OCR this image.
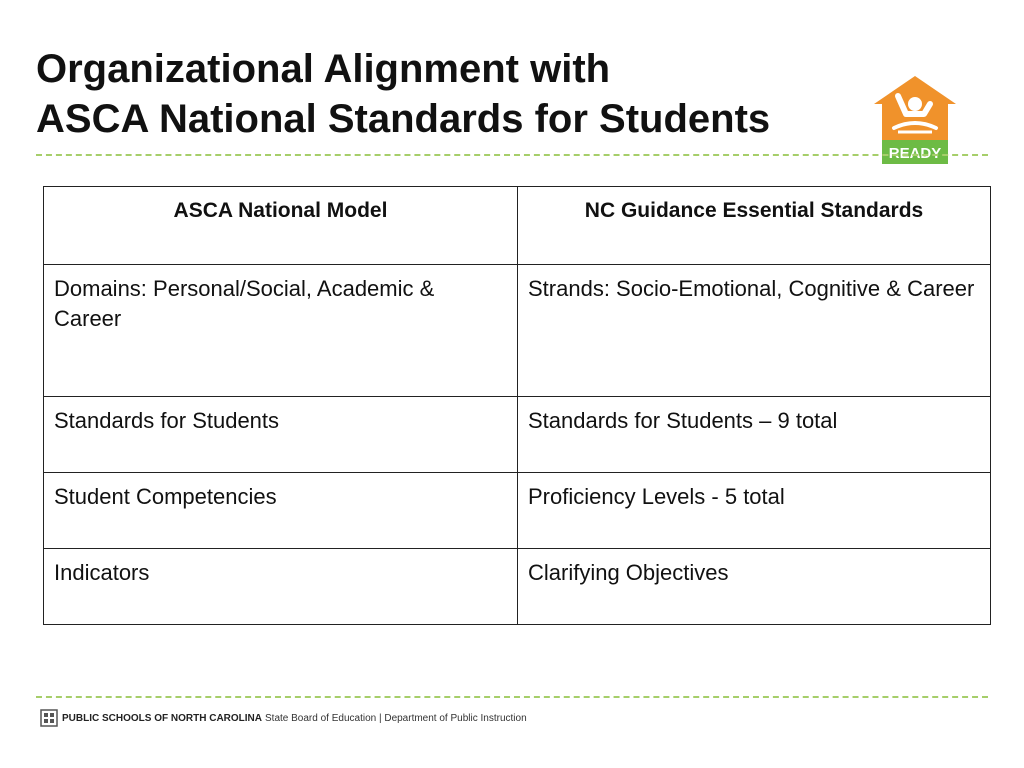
Organizational Alignment with
ASCA National Standards for Students
READY
ASCA National Model	NC Guidance Essential Standards
Domains: Personal/Social, Academic & Career	Strands: Socio-Emotional, Cognitive & Career
Standards for Students	Standards for Students – 9 total
Student Competencies	Proficiency Levels - 5 total
Indicators	Clarifying Objectives
PUBLIC SCHOOLS OF NORTH CAROLINA State Board of Education | Department of Public Instruction
